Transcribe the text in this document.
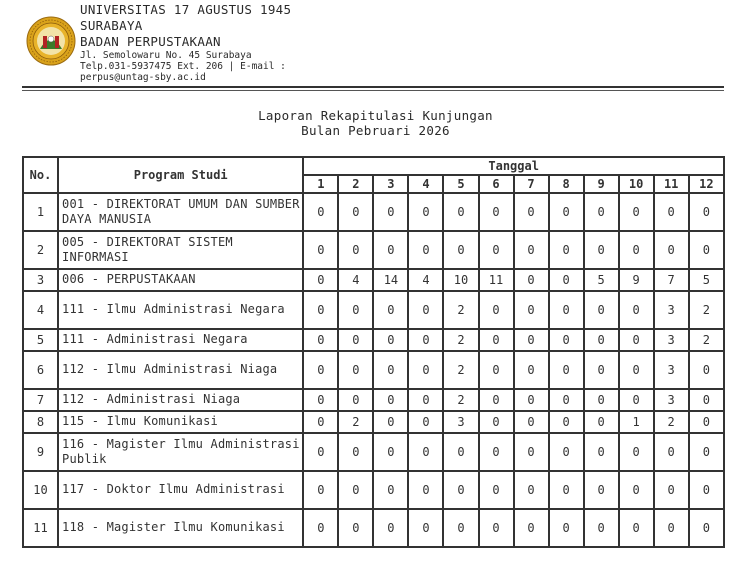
UNIVERSITAS 17 AGUSTUS 1945
SURABAYA
BADAN PERPUSTAKAAN
Jl. Semolowaru No. 45 Surabaya
Telp.031-5937475 Ext. 206 | E-mail :
perpus@untag-sby.ac.id
Laporan Rekapitulasi Kunjungan
Bulan Pebruari 2026
No.	Program Studi	Tanggal											
		1	2	3	4	5	6	7	8	9	10	11	12
1	001 - DIREKTORAT UMUM DAN SUMBER DAYA MANUSIA	0	0	0	0	0	0	0	0	0	0	0	0
2	005 - DIREKTORAT SISTEM INFORMASI	0	0	0	0	0	0	0	0	0	0	0	0
3	006 - PERPUSTAKAAN	0	4	14	4	10	11	0	0	5	9	7	5
4	111 - Ilmu Administrasi Negara	0	0	0	0	2	0	0	0	0	0	3	2
5	111 - Administrasi Negara	0	0	0	0	2	0	0	0	0	0	3	2
6	112 - Ilmu Administrasi Niaga	0	0	0	0	2	0	0	0	0	0	3	0
7	112 - Administrasi Niaga	0	0	0	0	2	0	0	0	0	0	3	0
8	115 - Ilmu Komunikasi	0	2	0	0	3	0	0	0	0	1	2	0
9	116 - Magister Ilmu Administrasi Publik	0	0	0	0	0	0	0	0	0	0	0	0
10	117 - Doktor Ilmu Administrasi	0	0	0	0	0	0	0	0	0	0	0	0
11	118 - Magister Ilmu Komunikasi	0	0	0	0	0	0	0	0	0	0	0	0
